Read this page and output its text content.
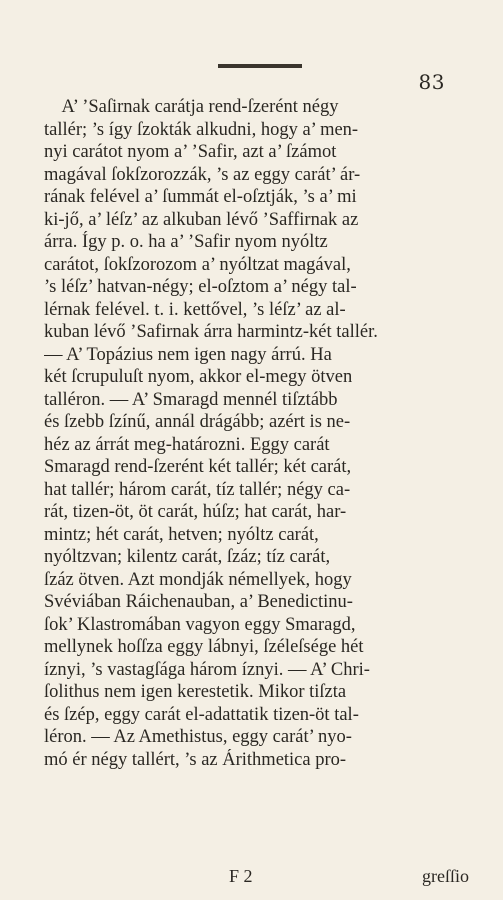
83
A’ ’Saſirnak carátja rend-ſzerént négy
tallér; ’s így ſzokták alkudni, hogy a’ men-
nyi carátot nyom a’ ’Safir, azt a’ ſzámot
magával ſokſzorozzák, ’s az eggy carát’ ár-
rának felével a’ ſummát el-oſztják, ’s a’ mi
ki-jő, a’ léſz’ az alkuban lévő ’Saffirnak az
árra. Így p. o. ha a’ ’Safir nyom nyóltz
carátot, ſokſzorozom a’ nyóltzat magával,
’s léſz’ hatvan-négy; el-oſztom a’ négy tal-
lérnak felével. t. i. kettővel, ’s léſz’ az al-
kuban lévő ’Safirnak árra harmintz-két tallér.
— A’ Topázius nem igen nagy árrú. Ha
két ſcrupuluſt nyom, akkor el-megy ötven
talléron. — A’ Smaragd mennél tiſztább
és ſzebb ſzínű, annál drágább; azért is ne-
héz az árrát meg-határozni. Eggy carát
Smaragd rend-ſzerént két tallér; két carát,
hat tallér; három carát, tíz tallér; négy ca-
rát, tizen-öt, öt carát, húſz; hat carát, har-
mintz; hét carát, hetven; nyóltz carát,
nyóltzvan; kilentz carát, ſzáz; tíz carát,
ſzáz ötven. Azt mondják némellyek, hogy
Svéviában Ráichenauban, a’ Benedictinu-
ſok’ Klastromában vagyon eggy Smaragd,
mellynek hoſſza eggy lábnyi, ſzéleſsége hét
íznyi, ’s vastagſága három íznyi. — A’ Chri-
ſolithus nem igen kerestetik. Mikor tiſzta
és ſzép, eggy carát el-adattatik tizen-öt tal-
léron. — Az Amethistus, eggy carát’ nyo-
mó ér négy tallért, ’s az Árithmetica pro-
F 2	greſſio
